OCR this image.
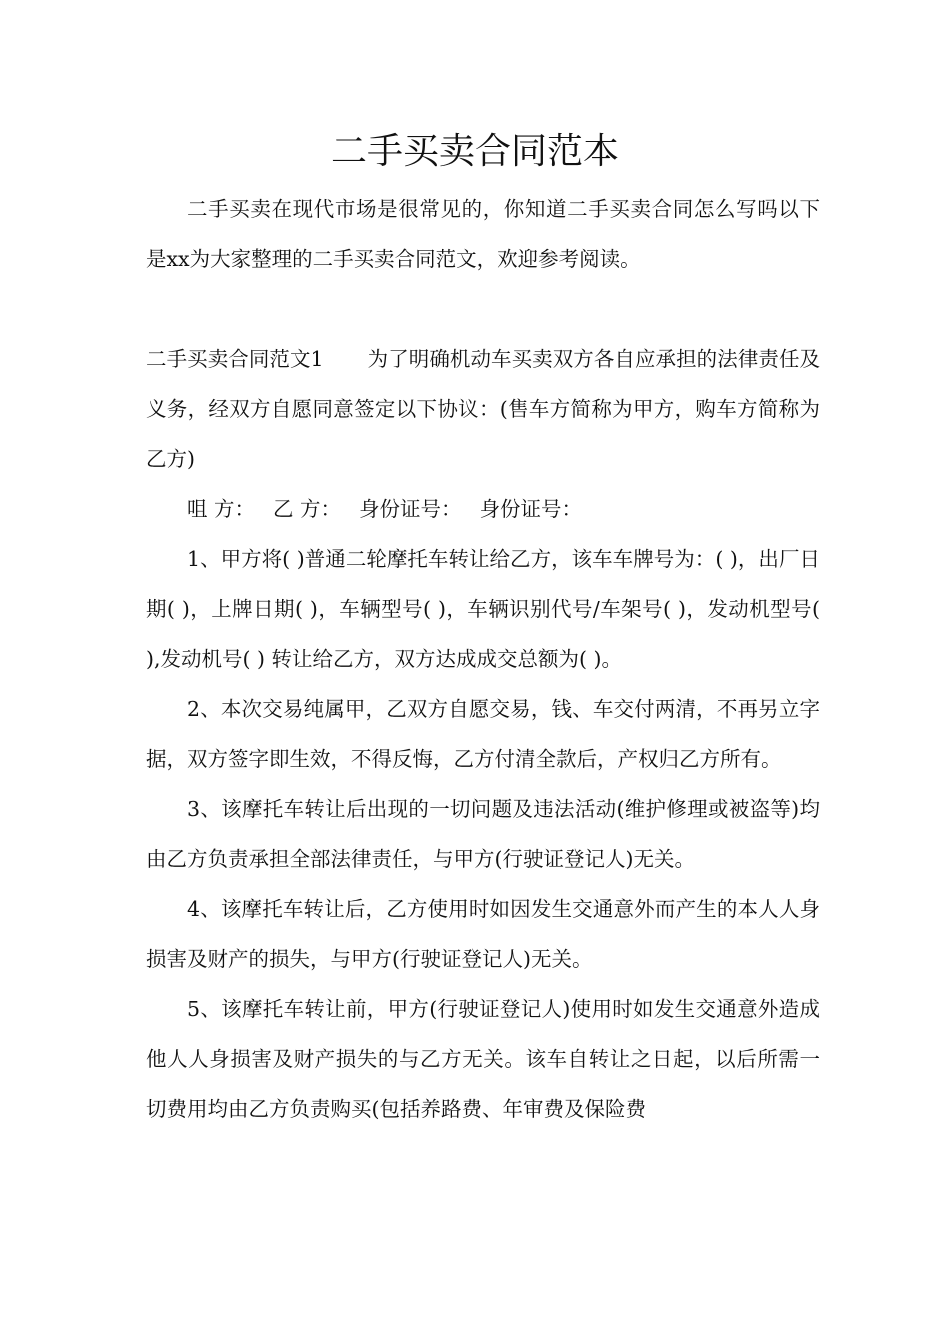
二手买卖合同范本

二手买卖在现代市场是很常见的，你知道二手买卖合同怎么写吗以下是xx为大家整理的二手买卖合同范文，欢迎参考阅读。

二手买卖合同范文1 为了明确机动车买卖双方各自应承担的法律责任及义务，经双方自愿同意签定以下协议：(售车方简称为甲方，购车方简称为乙方)

咀 方： 乙 方： 身份证号： 身份证号：

1、甲方将( )普通二轮摩托车转让给乙方，该车车牌号为：( )，出厂日期( )，上牌日期( )，车辆型号( )，车辆识别代号/车架号( )，发动机型号( ),发动机号( ) 转让给乙方，双方达成成交总额为( )。

2、本次交易纯属甲，乙双方自愿交易，钱、车交付两清，不再另立字据，双方签字即生效，不得反悔，乙方付清全款后，产权归乙方所有。

3、该摩托车转让后出现的一切问题及违法活动(维护修理或被盗等)均由乙方负责承担全部法律责任，与甲方(行驶证登记人)无关。

4、该摩托车转让后，乙方使用时如因发生交通意外而产生的本人人身损害及财产的损失，与甲方(行驶证登记人)无关。

5、该摩托车转让前，甲方(行驶证登记人)使用时如发生交通意外造成他人人身损害及财产损失的与乙方无关。该车自转让之日起，以后所需一切费用均由乙方负责购买(包括养路费、年审费及保险费
